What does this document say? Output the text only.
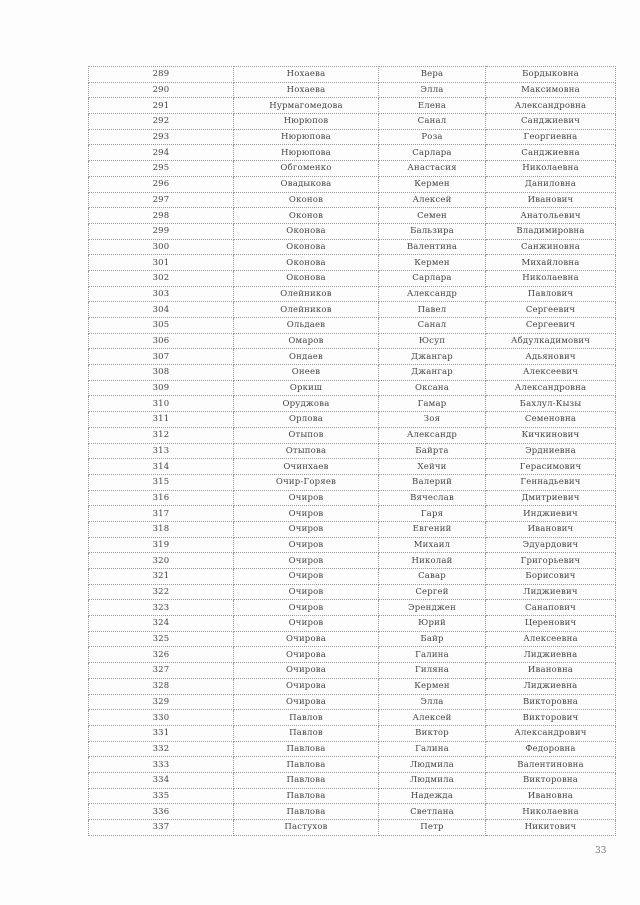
289	Нохаева	Вера	Бордыковна
290	Нохаева	Элла	Максимовна
291	Нурмагомедова	Елена	Александровна
292	Нюрюпов	Санал	Санджиевич
293	Нюрюпова	Роза	Георгиевна
294	Нюрюпова	Сарлара	Санджиевна
295	Обгоменко	Анастасия	Николаевна
296	Овадыкова	Кермен	Даниловна
297	Оконов	Алексей	Иванович
298	Оконов	Семен	Анатольевич
299	Оконова	Бальзира	Владимировна
300	Оконова	Валентина	Санжиновна
301	Оконова	Кермен	Михайловна
302	Оконова	Сарлара	Николаевна
303	Олейников	Александр	Павлович
304	Олейников	Павел	Сергеевич
305	Ольдаев	Санал	Сергеевич
306	Омаров	Юсуп	Абдулкадимович
307	Ондаев	Джангар	Адьянович
308	Онеев	Джангар	Алексеевич
309	Оркиш	Оксана	Александровна
310	Оруджова	Гамар	Бахлул-Кызы
311	Орлова	Зоя	Семеновна
312	Отыпов	Александр	Кичкинович
313	Отыпова	Байрта	Эрдниевна
314	Очинхаев	Хейчи	Герасимович
315	Очир-Горяев	Валерий	Геннадьевич
316	Очиров	Вячеслав	Дмитриевич
317	Очиров	Гаря	Инджиевич
318	Очиров	Евгений	Иванович
319	Очиров	Михаил	Эдуардович
320	Очиров	Николай	Григорьевич
321	Очиров	Савар	Борисович
322	Очиров	Сергей	Лиджиевич
323	Очиров	Эренджен	Санапович
324	Очиров	Юрий	Церенович
325	Очирова	Байр	Алексеевна
326	Очирова	Галина	Лиджиевна
327	Очирова	Гиляна	Ивановна
328	Очирова	Кермен	Лиджиевна
329	Очирова	Элла	Викторовна
330	Павлов	Алексей	Викторович
331	Павлов	Виктор	Александрович
332	Павлова	Галина	Федоровна
333	Павлова	Людмила	Валентиновна
334	Павлова	Людмила	Викторовна
335	Павлова	Надежда	Ивановна
336	Павлова	Светлана	Николаевна
337	Пастухов	Петр	Никитович
33
